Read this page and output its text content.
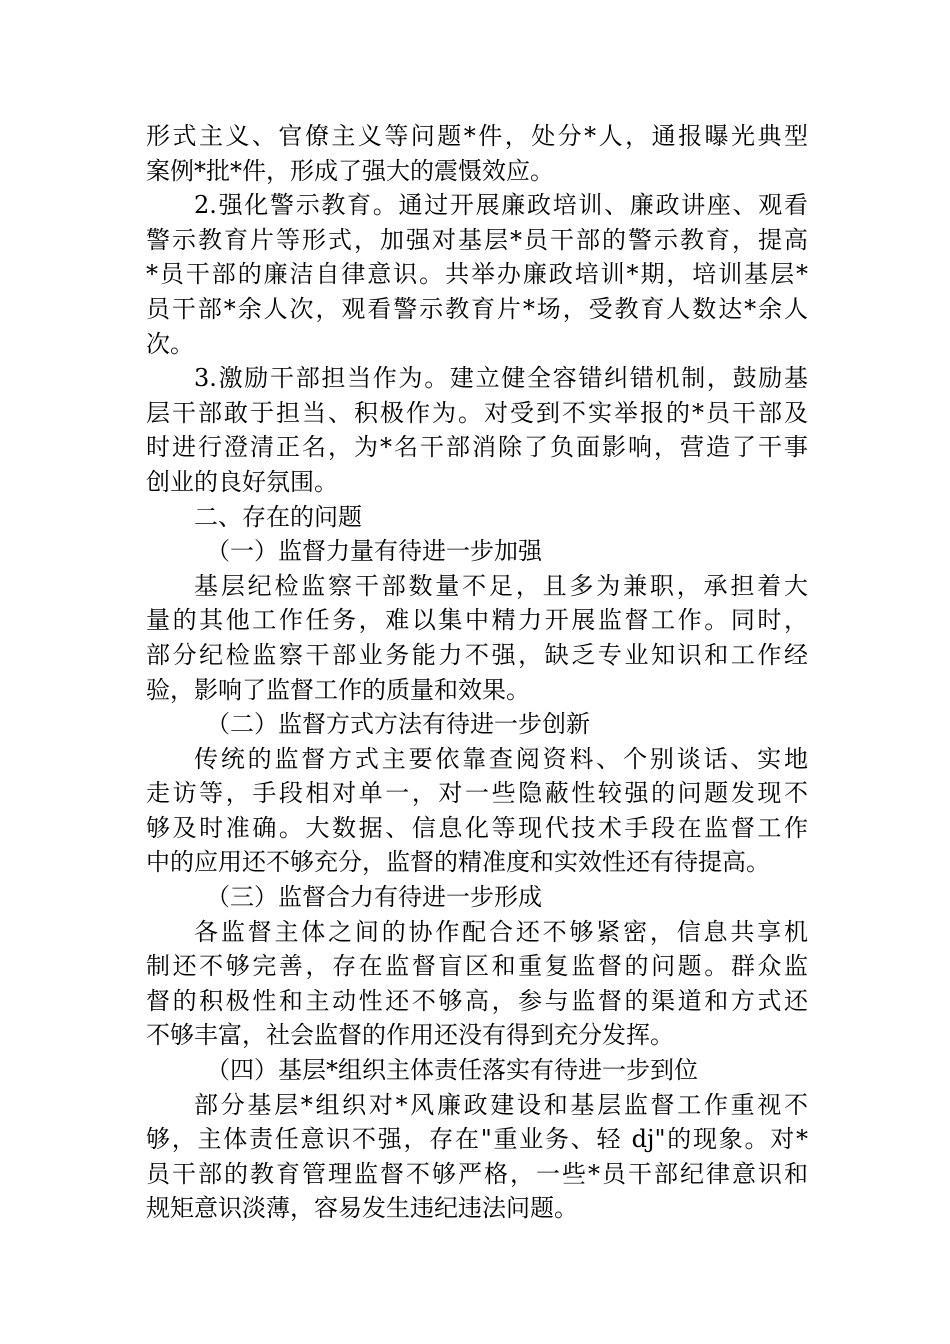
形式主义、官僚主义等问题*件，处分*人，通报曝光典型
案例*批*件，形成了强大的震慑效应。
2.强化警示教育。通过开展廉政培训、廉政讲座、观看
警示教育片等形式，加强对基层*员干部的警示教育，提高
*员干部的廉洁自律意识。共举办廉政培训*期，培训基层*
员干部*余人次，观看警示教育片*场，受教育人数达*余人
次。
3.激励干部担当作为。建立健全容错纠错机制，鼓励基
层干部敢于担当、积极作为。对受到不实举报的*员干部及
时进行澄清正名，为*名干部消除了负面影响，营造了干事
创业的良好氛围。
二、存在的问题
（一）监督力量有待进一步加强
基层纪检监察干部数量不足，且多为兼职，承担着大
量的其他工作任务，难以集中精力开展监督工作。同时，
部分纪检监察干部业务能力不强，缺乏专业知识和工作经
验，影响了监督工作的质量和效果。
（二）监督方式方法有待进一步创新
传统的监督方式主要依靠查阅资料、个别谈话、实地
走访等，手段相对单一，对一些隐蔽性较强的问题发现不
够及时准确。大数据、信息化等现代技术手段在监督工作
中的应用还不够充分，监督的精准度和实效性还有待提高。
（三）监督合力有待进一步形成
各监督主体之间的协作配合还不够紧密，信息共享机
制还不够完善，存在监督盲区和重复监督的问题。群众监
督的积极性和主动性还不够高，参与监督的渠道和方式还
不够丰富，社会监督的作用还没有得到充分发挥。
（四）基层*组织主体责任落实有待进一步到位
部分基层*组织对*风廉政建设和基层监督工作重视不
够，主体责任意识不强，存在"重业务、轻 dj"的现象。对*
员干部的教育管理监督不够严格，一些*员干部纪律意识和
规矩意识淡薄，容易发生违纪违法问题。
